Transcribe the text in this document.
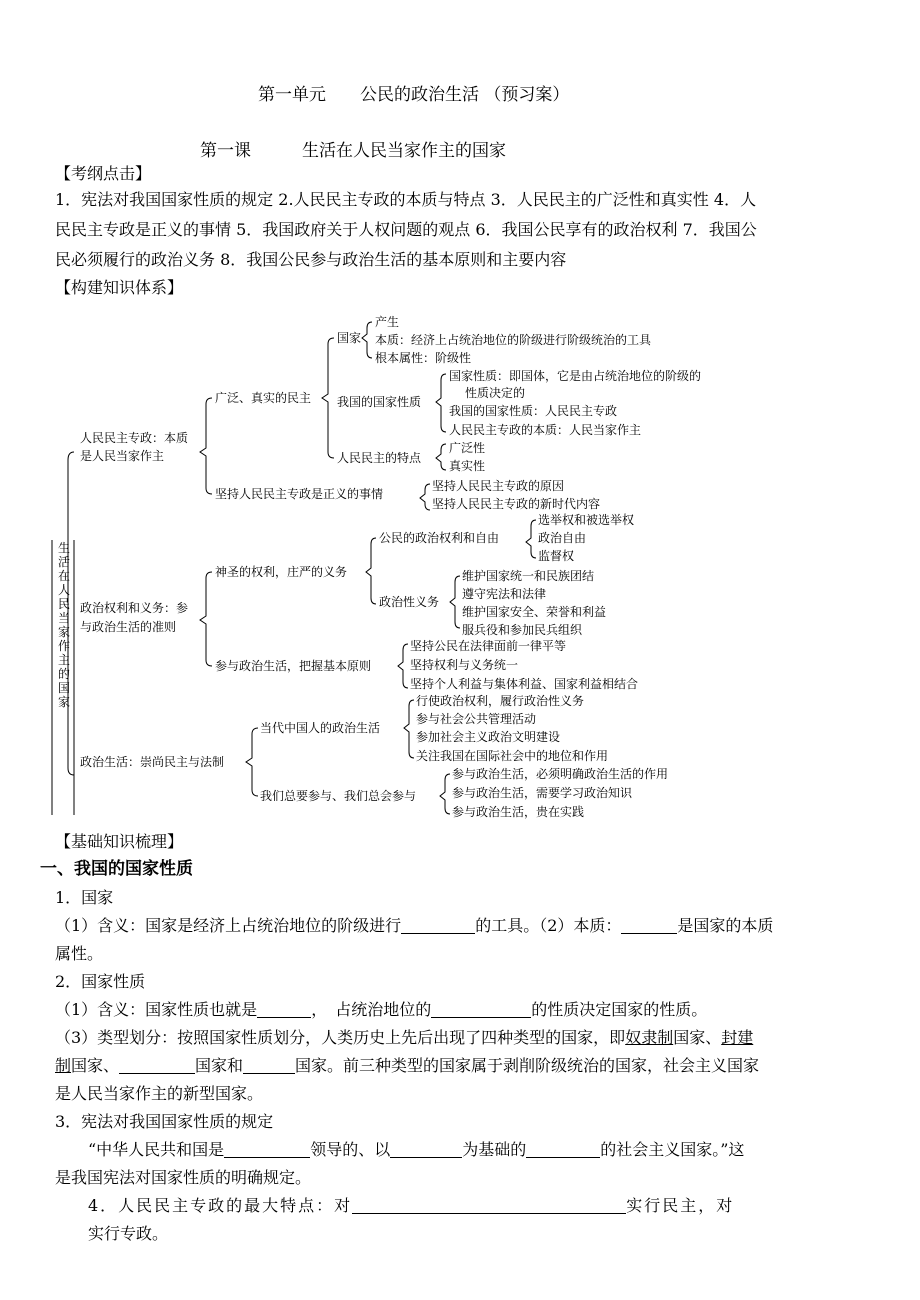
第一单元　　公民的政治生活 （预习案）
第一课　　　生活在人民当家作主的国家
【考纲点击】
1．宪法对我国国家性质的规定 2.人民民主专政的本质与特点 3．人民民主的广泛性和真实性 4．人
民民主专政是正义的事情 5．我国政府关于人权问题的观点 6．我国公民享有的政治权利 7．我国公
民必须履行的政治义务 8．我国公民参与政治生活的基本原则和主要内容
【构建知识体系】
生
活
在
人
民
当
家
作
主
的
国
家
人民民主专政：本质
是人民当家作主
广泛、真实的民主
坚持人民民主专政是正义的事情
国家
产生
本质：经济上占统治地位的阶级进行阶级统治的工具
根本属性：阶级性
我国的国家性质
国家性质：即国体，它是由占统治地位的阶级的
性质决定的
我国的国家性质：人民民主专政
人民民主专政的本质：人民当家作主
人民民主的特点
广泛性
真实性
坚持人民民主专政的原因
坚持人民民主专政的新时代内容
政治权利和义务：参
与政治生活的准则
神圣的权利，庄严的义务
参与政治生活，把握基本原则
公民的政治权利和自由
选举权和被选举权
政治自由
监督权
政治性义务
维护国家统一和民族团结
遵守宪法和法律
维护国家安全、荣誉和利益
服兵役和参加民兵组织
坚持公民在法律面前一律平等
坚持权利与义务统一
坚持个人利益与集体利益、国家利益相结合
政治生活：崇尚民主与法制
当代中国人的政治生活
我们总要参与、我们总会参与
行使政治权利，履行政治性义务
参与社会公共管理活动
参加社会主义政治文明建设
关注我国在国际社会中的地位和作用
参与政治生活，必须明确政治生活的作用
参与政治生活，需要学习政治知识
参与政治生活，贵在实践
【基础知识梳理】
一、我国的国家性质
1．国家
（1）含义：国家是经济上占统治地位的阶级进行	的工具。（2）本质：	是国家的本质
属性。
2．国家性质
（1）含义：国家性质也就是	，　占统治地位的	的性质决定国家的性质。
（3）类型划分：按照国家性质划分，人类历史上先后出现了四种类型的国家，即奴隶制国家、封建
制国家、	国家和	国家。前三种类型的国家属于剥削阶级统治的国家，社会主义国家
是人民当家作主的新型国家。
3．宪法对我国国家性质的规定
“中华人民共和国是	领导的、以	为基础的	的社会主义国家。”这
是我国宪法对国家性质的明确规定。
4．人民民主专政的最大特点：对	实行民主，对
实行专政。
